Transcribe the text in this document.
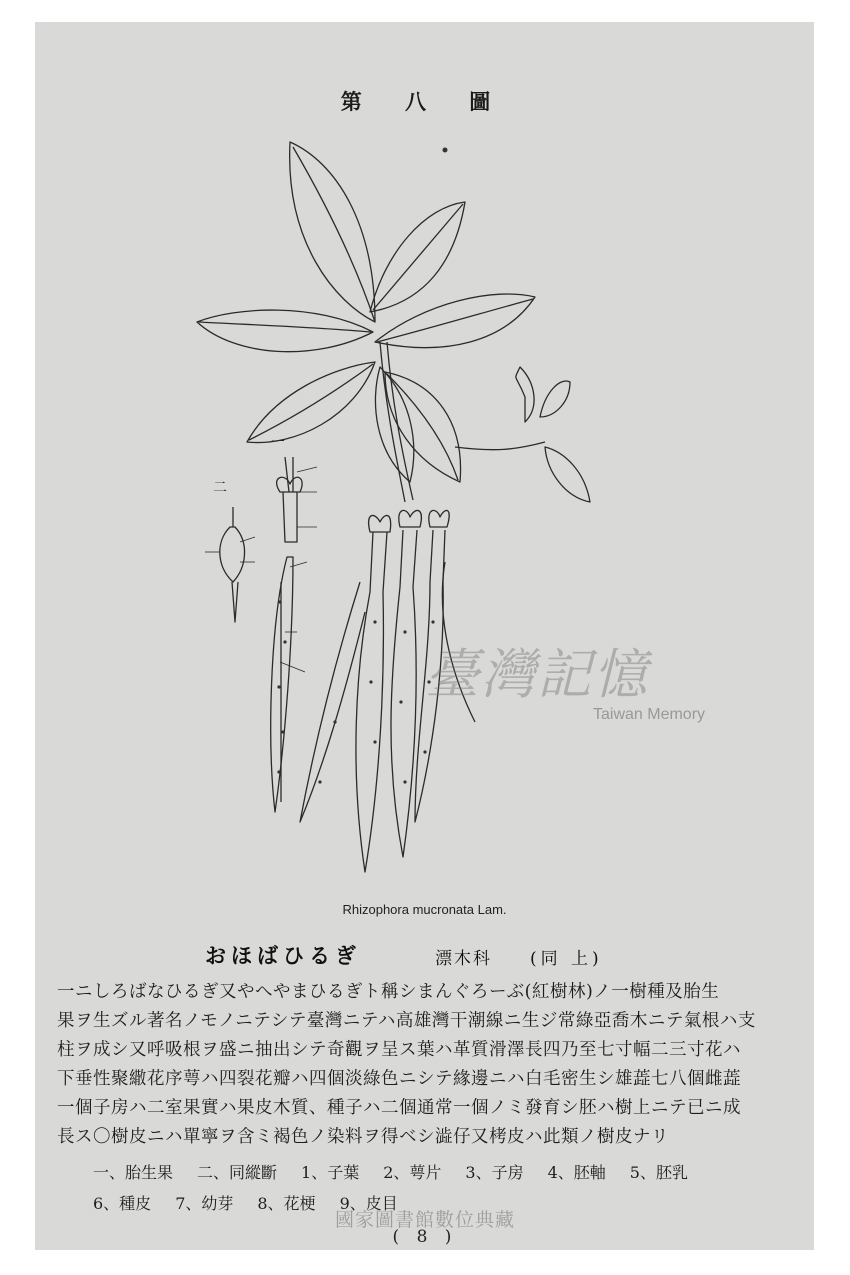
第 八 圖
一
二
Rhizophora mucronata Lam.
おほばひるぎ	漂木科 (同 上)
一ニしろばなひるぎ又やへやまひるぎト稱シまんぐろーぶ(紅樹林)ノ一樹種及胎生
果ヲ生ズル著名ノモノニテシテ臺灣ニテハ高雄灣干潮線ニ生ジ常綠亞喬木ニテ氣根ハ支
柱ヲ成シ又呼吸根ヲ盛ニ抽出シテ奇觀ヲ呈ス葉ハ革質滑澤長四乃至七寸幅二三寸花ハ
下垂性聚繖花序萼ハ四裂花瓣ハ四個淡綠色ニシテ緣邊ニハ白毛密生シ雄蕋七八個雌蕋
一個子房ハ二室果實ハ果皮木質、種子ハ二個通常一個ノミ發育シ胚ハ樹上ニテ已ニ成
長ス〇樹皮ニハ單寧ヲ含ミ褐色ノ染料ヲ得ベシ澁仔又栲皮ハ此類ノ樹皮ナリ
一、胎生果 二、同縱斷 1、子葉 2、萼片 3、子房 4、胚軸 5、胚乳
6、種皮 7、幼芽 8、花梗 9、皮目
臺灣記憶
Taiwan Memory
國家圖書館數位典藏
( 8 )
